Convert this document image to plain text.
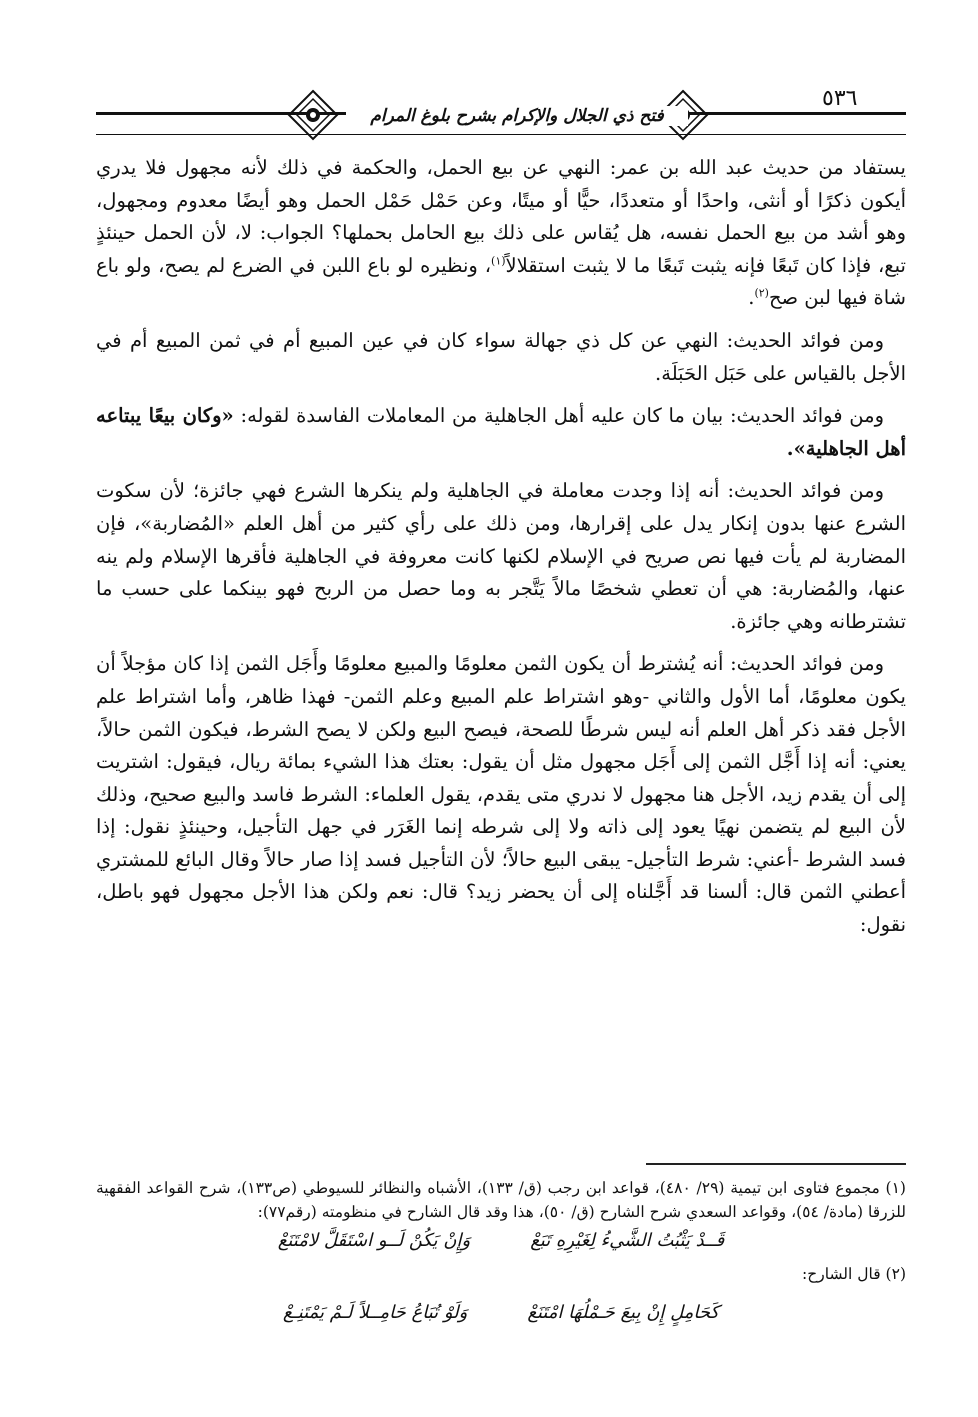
فتح ذي الجلال والإكرام بشرح بلوغ المرام
٥٣٦

يستفاد من حديث عبد الله بن عمر: النهي عن بيع الحمل، والحكمة في ذلك لأنه مجهول فلا يدري أيكون ذكرًا أو أنثى، واحدًا أو متعددًا، حيًّا أو ميتًا، وعن حَمْل حَمْل الحمل وهو أيضًا معدوم ومجهول، وهو أشد من بيع الحمل نفسه، هل يُقاس على ذلك بيع الحامل بحملها؟ الجواب: لا، لأن الحمل حينئذٍ تبع، فإذا كان تَبعًا فإنه يثبت تَبعًا ما لا يثبت استقلالاً$^{(١)}$، ونظيره لو باع اللبن في الضرع لم يصح، ولو باع شاة فيها لبن صح$^{(٢)}$.

ومن فوائد الحديث: النهي عن كل ذي جهالة سواء كان في عين المبيع أم في ثمن المبيع أم في الأجل بالقياس على حَبَل الحَبَلَة.

ومن فوائد الحديث: بيان ما كان عليه أهل الجاهلية من المعاملات الفاسدة لقوله: «وكان بيعًا يبتاعه أهل الجاهلية».

ومن فوائد الحديث: أنه إذا وجدت معاملة في الجاهلية ولم ينكرها الشرع فهي جائزة؛ لأن سكوت الشرع عنها بدون إنكار يدل على إقرارها، ومن ذلك على رأي كثير من أهل العلم «المُضاربة»، فإن المضاربة لم يأت فيها نص صريح في الإسلام لكنها كانت معروفة في الجاهلية فأقرها الإسلام ولم ينه عنها، والمُضاربة: هي أن تعطي شخصًا مالاً يَتَّجر به وما حصل من الربح فهو بينكما على حسب ما تشترطانه وهي جائزة.

ومن فوائد الحديث: أنه يُشترط أن يكون الثمن معلومًا والمبيع معلومًا وأَجَل الثمن إذا كان مؤجلاً أن يكون معلومًا، أما الأول والثاني -وهو اشتراط علم المبيع وعلم الثمن- فهذا ظاهر، وأما اشتراط علم الأجل فقد ذكر أهل العلم أنه ليس شرطًا للصحة، فيصح البيع ولكن لا يصح الشرط، فيكون الثمن حالاً، يعني: أنه إذا أَجَّل الثمن إلى أَجَل مجهول مثل أن يقول: بعتك هذا الشيء بمائة ريال، فيقول: اشتريت إلى أن يقدم زيد، الأجل هنا مجهول لا ندري متى يقدم، يقول العلماء: الشرط فاسد والبيع صحيح، وذلك لأن البيع لم يتضمن نهيًا يعود إلى ذاته ولا إلى شرطه إنما الغَرَر في جهل التأجيل، وحينئذٍ نقول: إذا فسد الشرط -أعني: شرط التأجيل- يبقى البيع حالاً؛ لأن التأجيل فسد إذا صار حالاً وقال البائع للمشتري أعطني الثمن قال: ألسنا قد أَجَّلناه إلى أن يحضر زيد؟ قال: نعم ولكن هذا الأجل مجهول فهو باطل، نقول:

(١) مجموع فتاوى ابن تيمية (٢٩/ ٤٨٠)، قواعد ابن رجب (ق/ ١٣٣)، الأشباه والنظائر للسيوطي (ص١٣٣)، شرح القواعد الفقهية للزرقا (مادة/ ٥٤)، وقواعد السعدي شرح الشارح (ق/ ٥٠)، هذا وقد قال الشارح في منظومته (رقم٧٧):

قَــدْ يَثْبُتُ الشَّيءُ لِغَيْرِهِ تَبَعْ
وَإِنْ يَكُنْ لَــو اسْتَقَلَّ لامْتَنَعْ

(٢) قال الشارح:

كَحَامِلٍ إِنْ بِيعَ حَـمْلُهَا امْتَنَعْ
وَلَوْ تُبَاعُ حَامِــلاً لَـمْ يَمْتَنِـعْ
